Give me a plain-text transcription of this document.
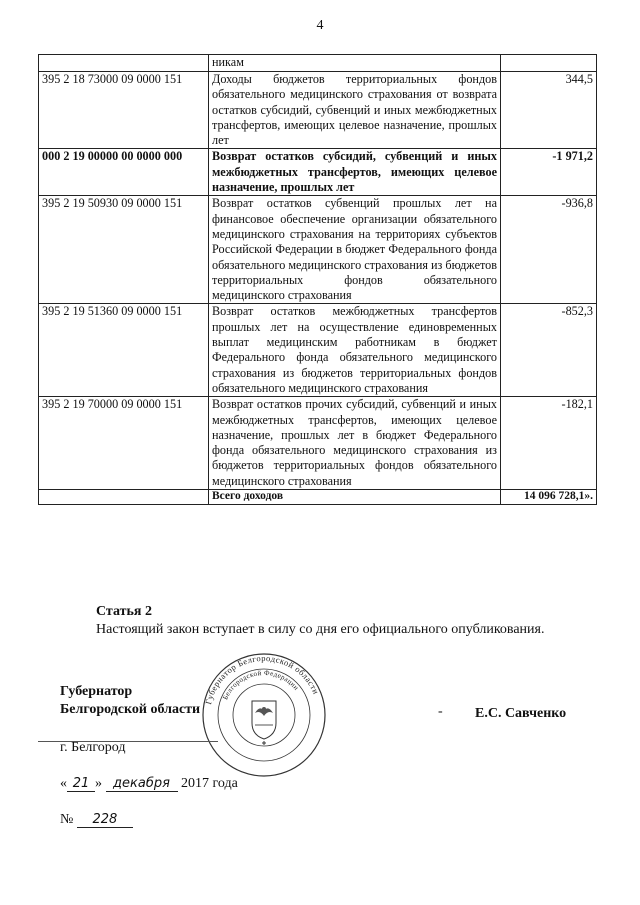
4
	никам	
395 2 18 73000 09 0000 151	Доходы бюджетов территориальных фондов обязательного медицинского страхования от возврата остатков субсидий, субвенций и иных межбюджетных трансфертов, имеющих целевое назначение, прошлых лет	344,5
000 2 19 00000 00 0000 000	Возврат остатков субсидий, субвенций и иных межбюджетных трансфертов, имеющих целевое назначение, прошлых лет	-1 971,2
395 2 19 50930 09 0000 151	Возврат остатков субвенций прошлых лет на финансовое обеспечение организации обязательного медицинского страхования на территориях субъектов Российской Федерации в бюджет Федерального фонда обязательного медицинского страхования из бюджетов территориальных фондов обязательного медицинского страхования	-936,8
395 2 19 51360 09 0000 151	Возврат остатков межбюджетных трансфертов прошлых лет на осуществление единовременных выплат медицинским работникам в бюджет Федерального фонда обязательного медицинского страхования из бюджетов территориальных фондов обязательного медицинского страхования	-852,3
395 2 19 70000 09 0000 151	Возврат остатков прочих субсидий, субвенций и иных межбюджетных трансфертов, имеющих целевое назначение, прошлых лет в бюджет Федерального фонда обязательного медицинского страхования из бюджетов территориальных фондов обязательного медицинского страхования	-182,1
	Всего доходов	14 096 728,1».
Статья 2
Настоящий закон вступает в силу со дня его официального опубликования.
Губернатор
Белгородской области
Губернатор Белгородской области
Белгородской Федерации
- Е.С. Савченко
г. Белгород
« 21 » декабря 2017 года
№ 228
